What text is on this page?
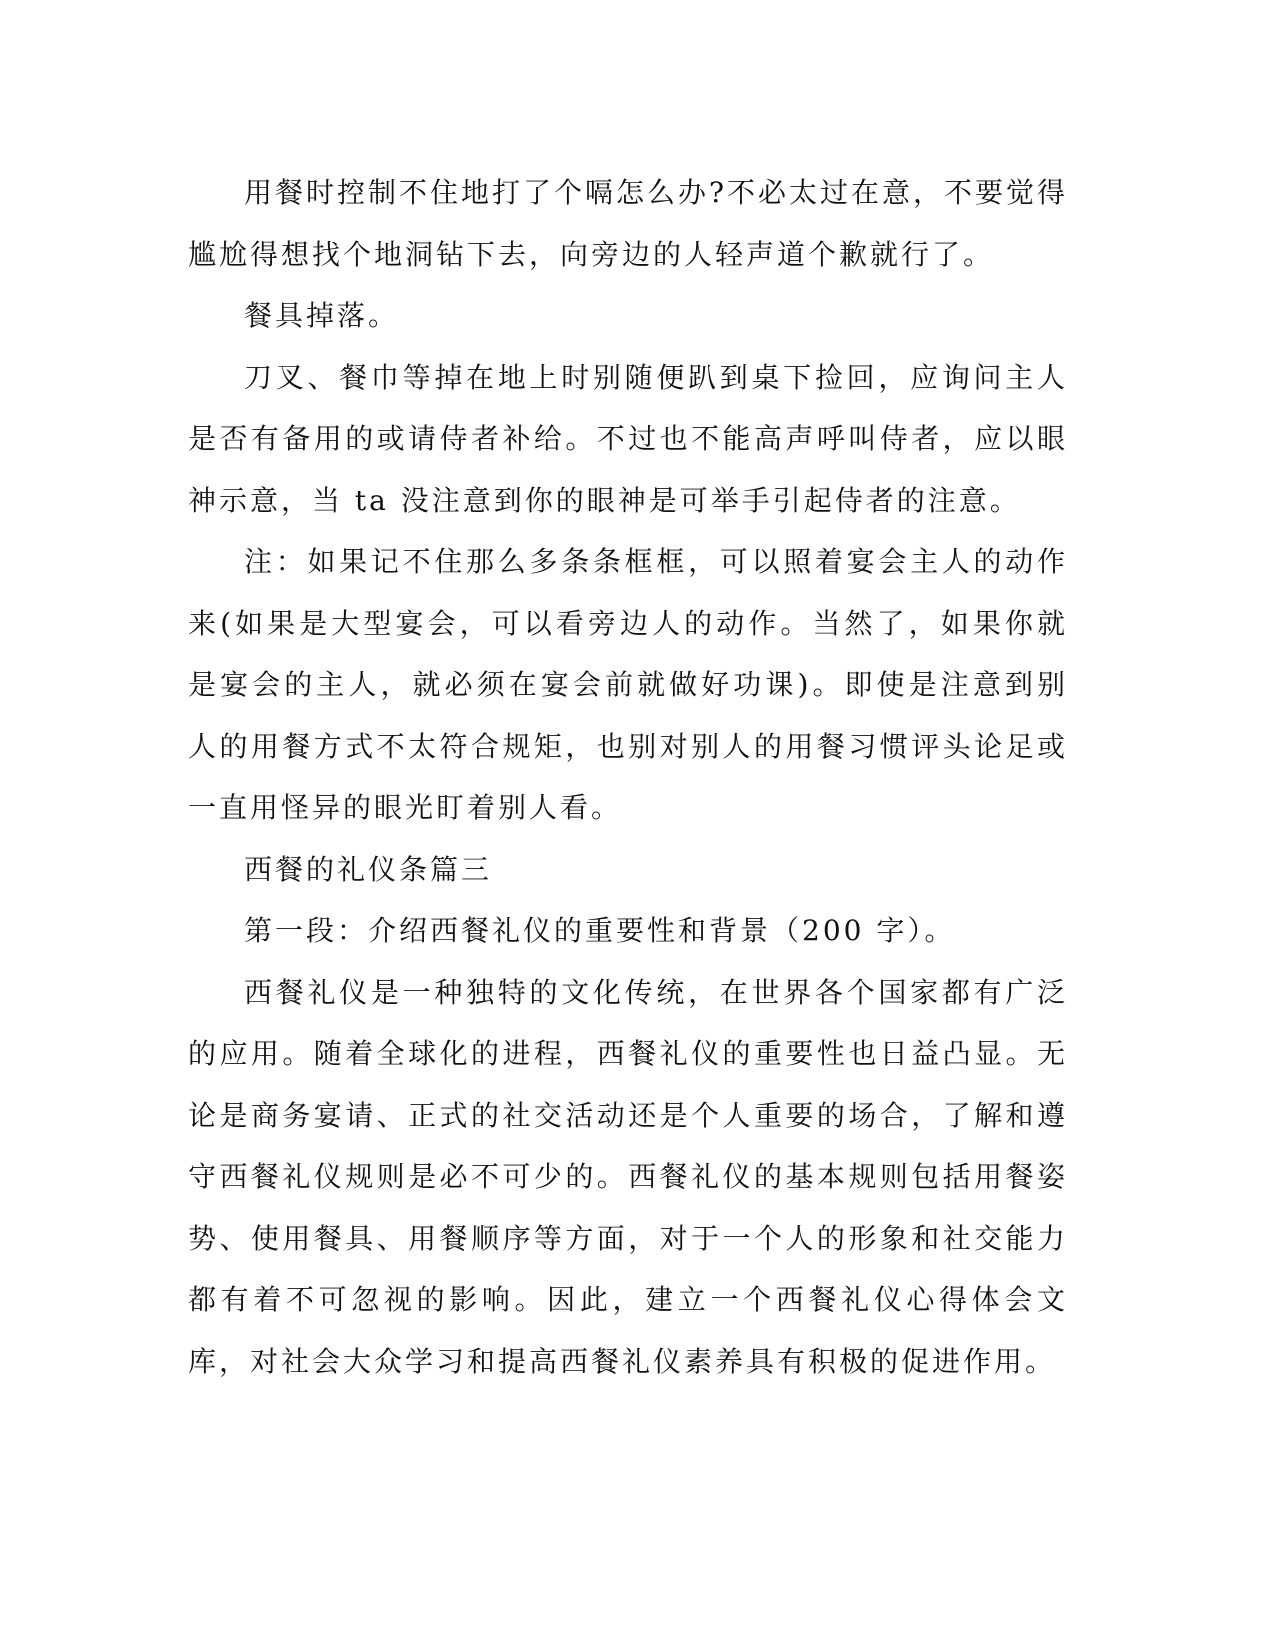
用餐时控制不住地打了个嗝怎么办?不必太过在意，不要觉得尴尬得想找个地洞钻下去，向旁边的人轻声道个歉就行了。

餐具掉落。

刀叉、餐巾等掉在地上时别随便趴到桌下捡回，应询问主人是否有备用的或请侍者补给。不过也不能高声呼叫侍者，应以眼神示意，当 ta 没注意到你的眼神是可举手引起侍者的注意。

注：如果记不住那么多条条框框，可以照着宴会主人的动作来(如果是大型宴会，可以看旁边人的动作。当然了，如果你就是宴会的主人，就必须在宴会前就做好功课)。即使是注意到别人的用餐方式不太符合规矩，也别对别人的用餐习惯评头论足或一直用怪异的眼光盯着别人看。

西餐的礼仪条篇三

第一段：介绍西餐礼仪的重要性和背景（200 字）。

西餐礼仪是一种独特的文化传统，在世界各个国家都有广泛的应用。随着全球化的进程，西餐礼仪的重要性也日益凸显。无论是商务宴请、正式的社交活动还是个人重要的场合，了解和遵守西餐礼仪规则是必不可少的。西餐礼仪的基本规则包括用餐姿势、使用餐具、用餐顺序等方面，对于一个人的形象和社交能力都有着不可忽视的影响。因此，建立一个西餐礼仪心得体会文库，对社会大众学习和提高西餐礼仪素养具有积极的促进作用。
